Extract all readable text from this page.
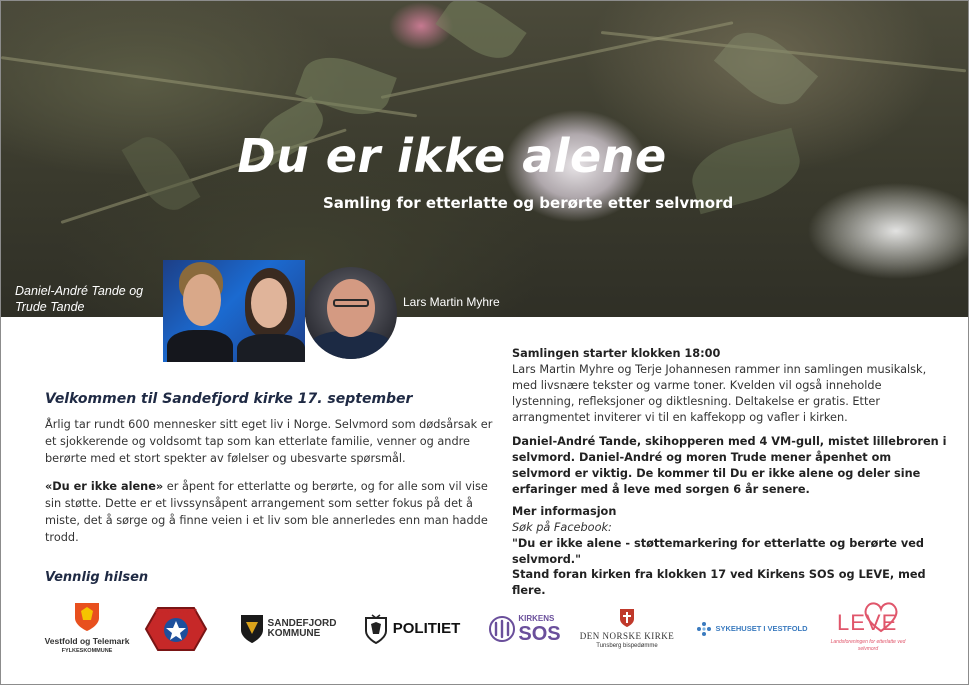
Du er ikke alene

Samling for etterlatte og berørte etter selvmord

Daniel-André Tande og Trude Tande	Lars Martin Myhre
Velkommen til Sandefjord kirke 17. september

Årlig tar rundt 600 mennesker sitt eget liv i Norge. Selvmord som dødsårsak er et sjokkerende og voldsomt tap som kan etterlate familie, venner og andre berørte med et stort spekter av følelser og ubesvarte spørsmål.

«Du er ikke alene» er åpent for etterlatte og berørte, og for alle som vil vise sin støtte. Dette er et livssynsåpent arrangement som setter fokus på det å miste, det å sørge og å finne veien i et liv som ble annerledes enn man hadde trodd.

Vennlig hilsen

Samlingen starter klokken 18:00

Lars Martin Myhre og Terje Johannesen rammer inn samlingen musikalsk, med livsnære tekster og varme toner. Kvelden vil også inneholde lystenning, refleksjoner og diktlesning. Deltakelse er gratis. Etter arrangmentet inviterer vi til en kaffekopp og vafler i kirken.

Daniel-André Tande, skihopperen med 4 VM-gull, mistet lillebroren i selvmord. Daniel-André og moren Trude mener åpenhet om selvmord er viktig. De kommer til Du er ikke alene og deler sine erfaringer med å leve med sorgen 6 år senere.

Mer informasjon

Søk på Facebook:

"Du er ikke alene - støttemarkering for etterlatte og berørte ved selvmord."

Stand foran kirken fra klokken 17 ved Kirkens SOS og LEVE, med flere.

Vestfold og Telemark
FYLKESKOMMUNE
BRANNVESENET
SANDEFJORD
KOMMUNE	POLITIET
KIRKENS
SOS DEN NORSKE KIRKE
Tunsberg bispedømme
SYKEHUSET I VESTFOLD LEVE
Landsforeningen for etterlatte ved selvmord
